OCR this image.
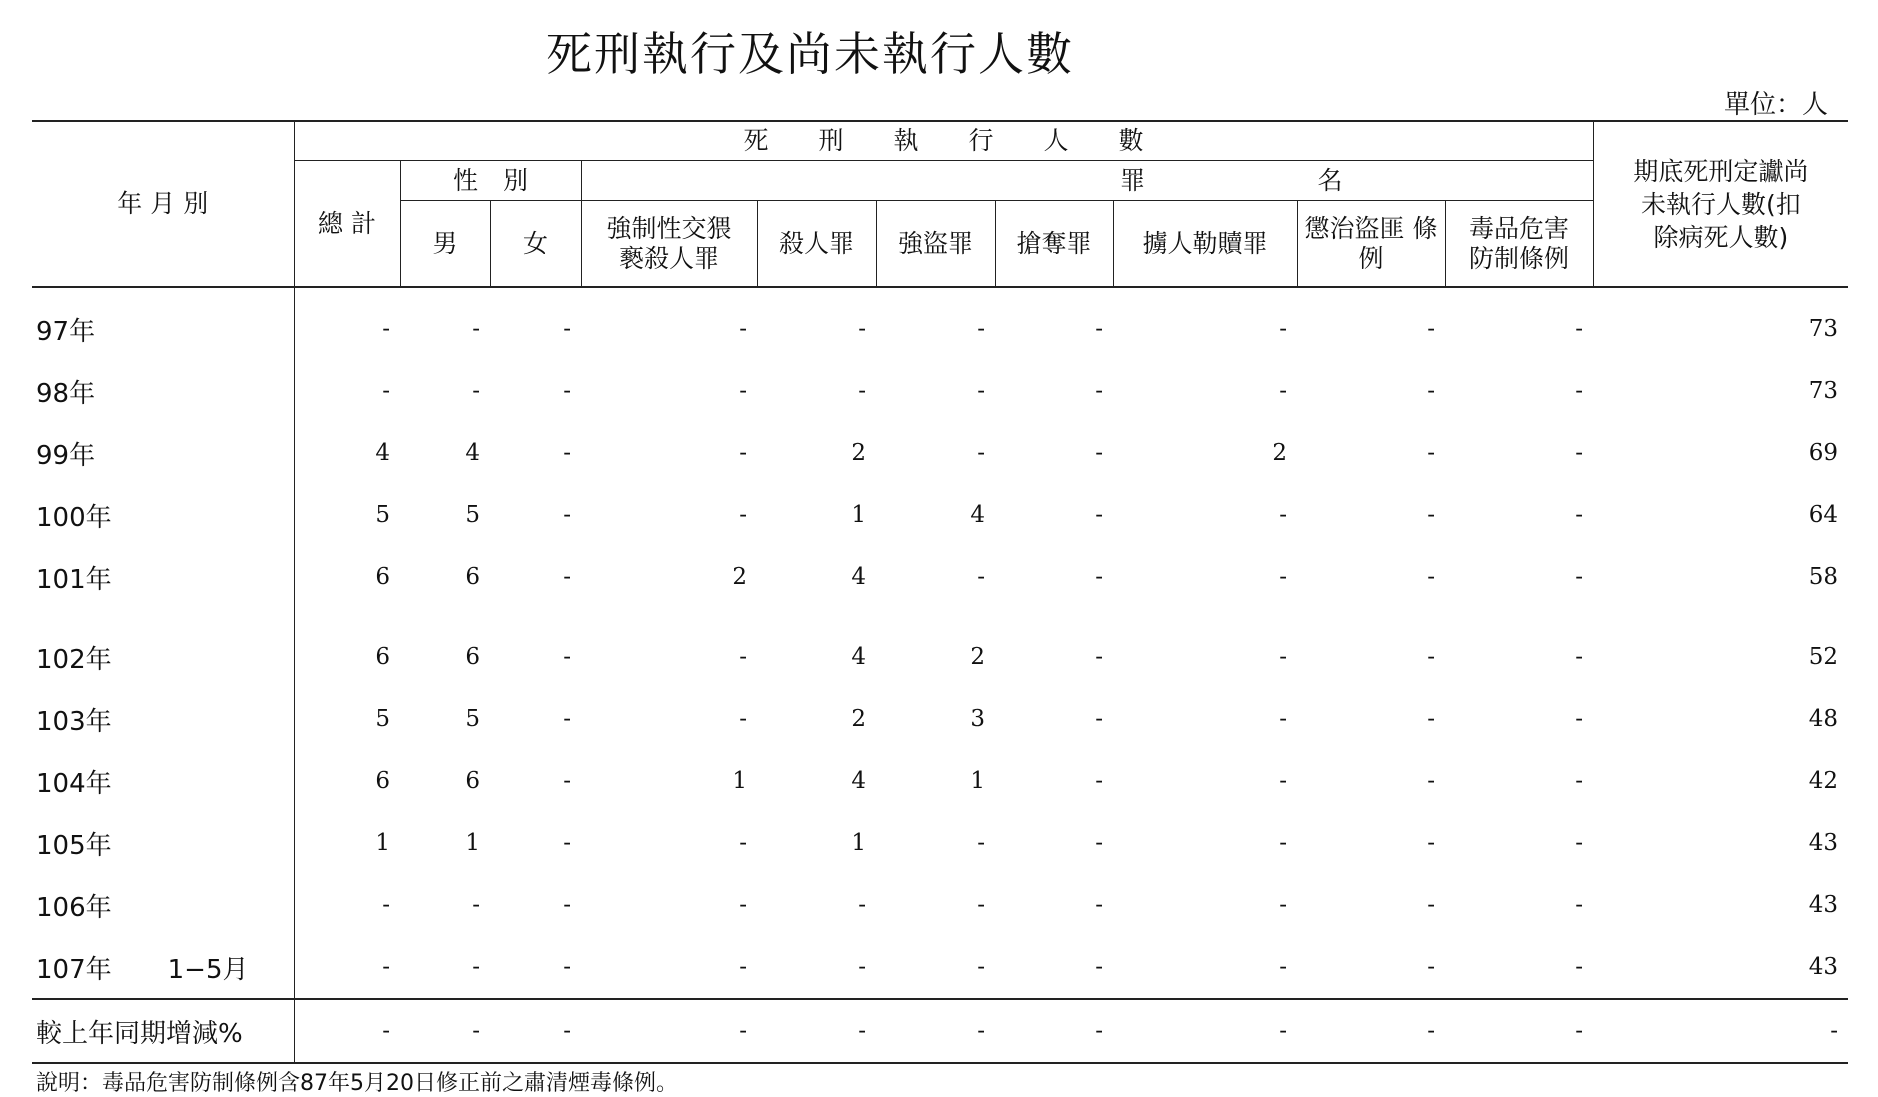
死刑執行及尚未執行人數
單位：人
年 月 別	死　　刑　　執　　行　　人　　數										期底死刑定讞尚未執行人數(扣除病死人數)

	總 計	性　別		罪 名							
		男	女	強制性交猥褻殺人罪	殺人罪	強盜罪	搶奪罪	擄人勒贖罪	懲治盜匪 條例	毒品危害防制條例	

97年	-	-	-	-	-	-	-	-	-	-	73
98年	-	-	-	-	-	-	-	-	-	-	73
99年	4	4	-	-	2	-	-	2	-	-	69
100年	5	5	-	-	1	4	-	-	-	-	64
101年	6	6	-	2	4	-	-	-	-	-	58

102年	6	6	-	-	4	2	-	-	-	-	52
103年	5	5	-	-	2	3	-	-	-	-	48
104年	6	6	-	1	4	1	-	-	-	-	42
105年	1	1	-	-	1	-	-	-	-	-	43
106年	-	-	-	-	-	-	-	-	-	-	43
107年 1−5月	-	-	-	-	-	-	-	-	-	-	43
較上年同期增減%	-	-	-	-	-	-	-	-	-	-	-
說明：毒品危害防制條例含87年5月20日修正前之肅清煙毒條例。
